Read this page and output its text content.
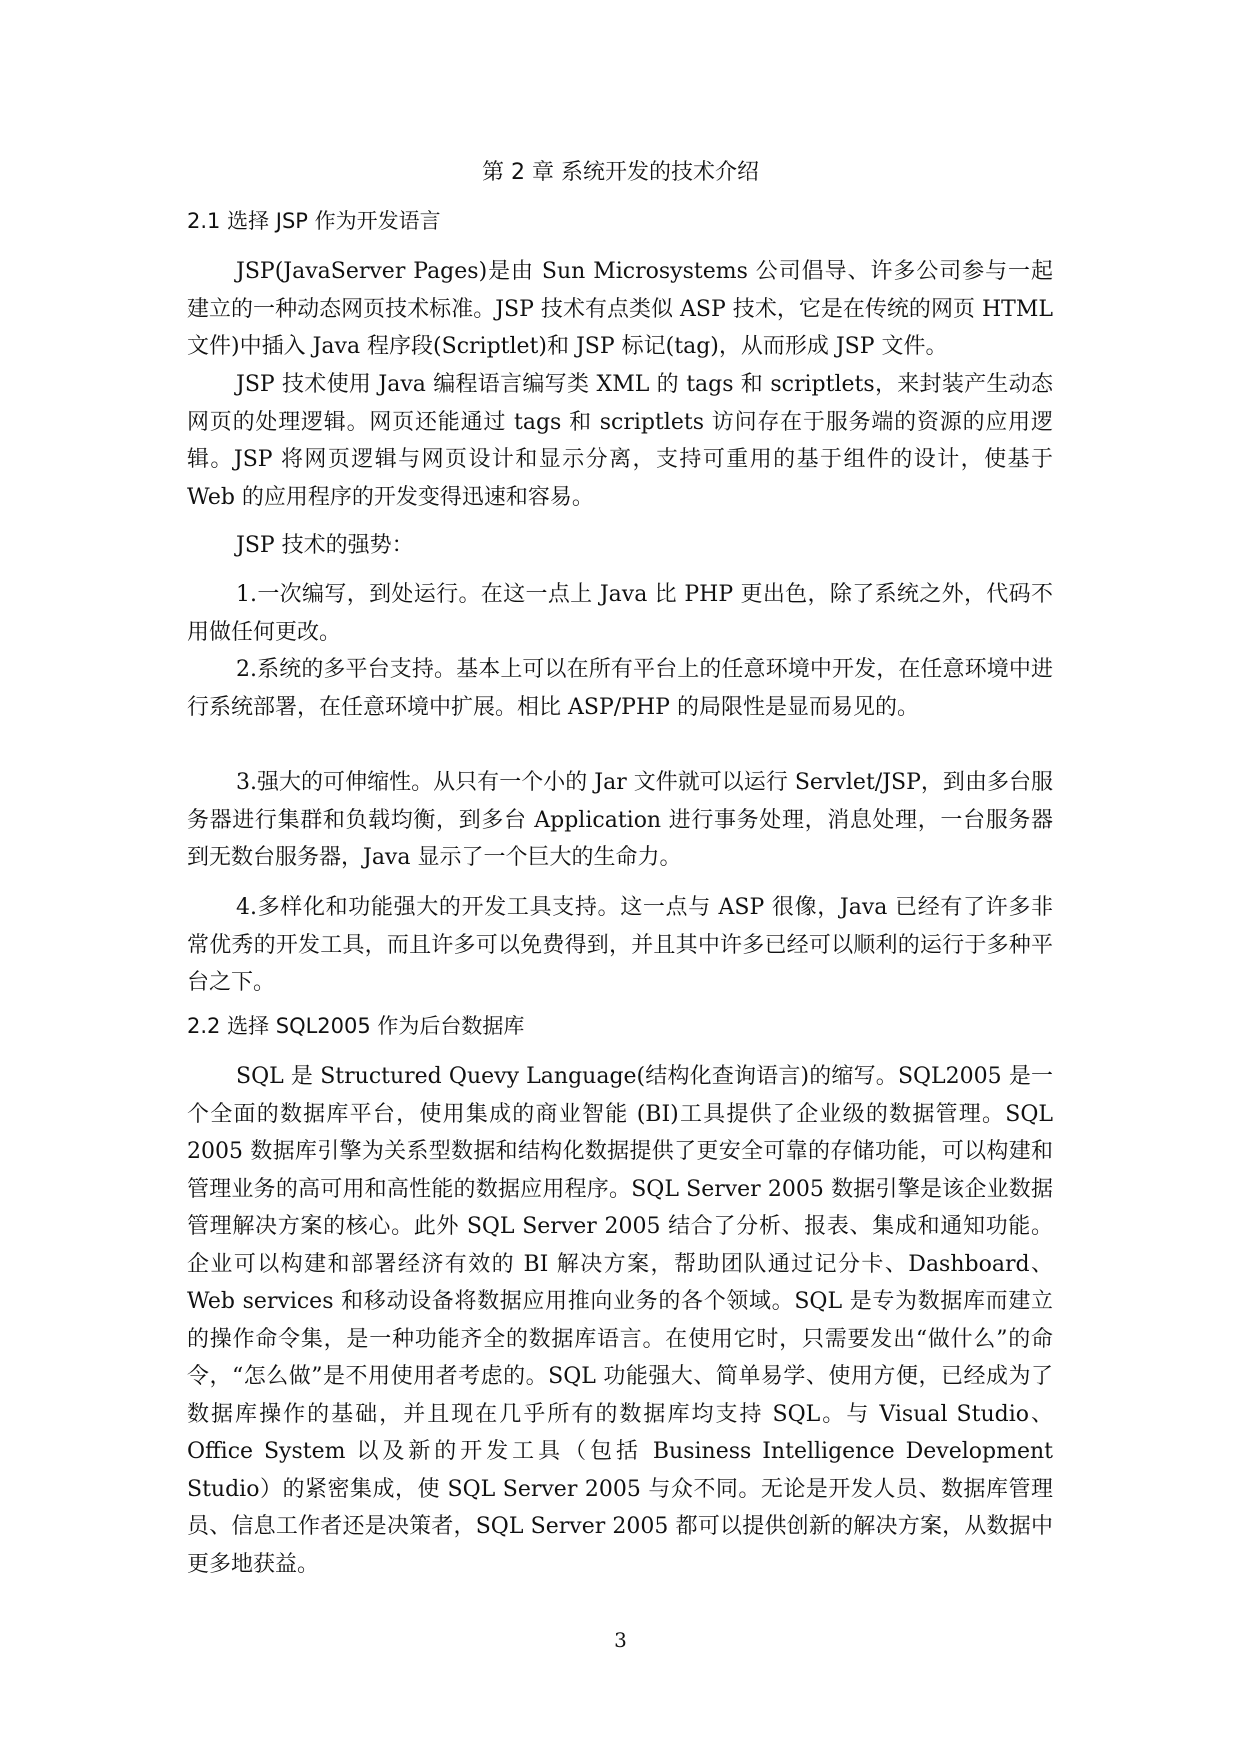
第 2 章 系统开发的技术介绍
2.1 选择 JSP 作为开发语言

JSP(JavaServer Pages)是由 Sun Microsystems 公司倡导、许多公司参与一起建立的一种动态网页技术标准。JSP 技术有点类似 ASP 技术，它是在传统的网页 HTML 文件)中插入 Java 程序段(Scriptlet)和 JSP 标记(tag)，从而形成 JSP 文件。

JSP 技术使用 Java 编程语言编写类 XML 的 tags 和 scriptlets，来封装产生动态网页的处理逻辑。网页还能通过 tags 和 scriptlets 访问存在于服务端的资源的应用逻辑。JSP 将网页逻辑与网页设计和显示分离，支持可重用的基于组件的设计，使基于 Web 的应用程序的开发变得迅速和容易。

JSP 技术的强势：

1.一次编写，到处运行。在这一点上 Java 比 PHP 更出色，除了系统之外，代码不用做任何更改。

2.系统的多平台支持。基本上可以在所有平台上的任意环境中开发，在任意环境中进行系统部署，在任意环境中扩展。相比 ASP/PHP 的局限性是显而易见的。

3.强大的可伸缩性。从只有一个小的 Jar 文件就可以运行 Servlet/JSP，到由多台服务器进行集群和负载均衡，到多台 Application 进行事务处理，消息处理，一台服务器到无数台服务器，Java 显示了一个巨大的生命力。

4.多样化和功能强大的开发工具支持。这一点与 ASP 很像，Java 已经有了许多非常优秀的开发工具，而且许多可以免费得到，并且其中许多已经可以顺利的运行于多种平台之下。

2.2 选择 SQL2005 作为后台数据库

SQL 是 Structured Quevy Language(结构化查询语言)的缩写。SQL2005 是一个全面的数据库平台，使用集成的商业智能 (BI)工具提供了企业级的数据管理。SQL 2005 数据库引擎为关系型数据和结构化数据提供了更安全可靠的存储功能，可以构建和管理业务的高可用和高性能的数据应用程序。SQL Server 2005 数据引擎是该企业数据管理解决方案的核心。此外 SQL Server 2005 结合了分析、报表、集成和通知功能。企业可以构建和部署经济有效的 BI 解决方案，帮助团队通过记分卡、Dashboard、Web services 和移动设备将数据应用推向业务的各个领域。SQL 是专为数据库而建立的操作命令集，是一种功能齐全的数据库语言。在使用它时，只需要发出“做什么”的命令，“怎么做”是不用使用者考虑的。SQL 功能强大、简单易学、使用方便，已经成为了数据库操作的基础，并且现在几乎所有的数据库均支持 SQL。与 Visual Studio、Office System 以及新的开发工具（包括 Business Intelligence Development Studio）的紧密集成，使 SQL Server 2005 与众不同。无论是开发人员、数据库管理员、信息工作者还是决策者，SQL Server 2005 都可以提供创新的解决方案，从数据中更多地获益。

3
